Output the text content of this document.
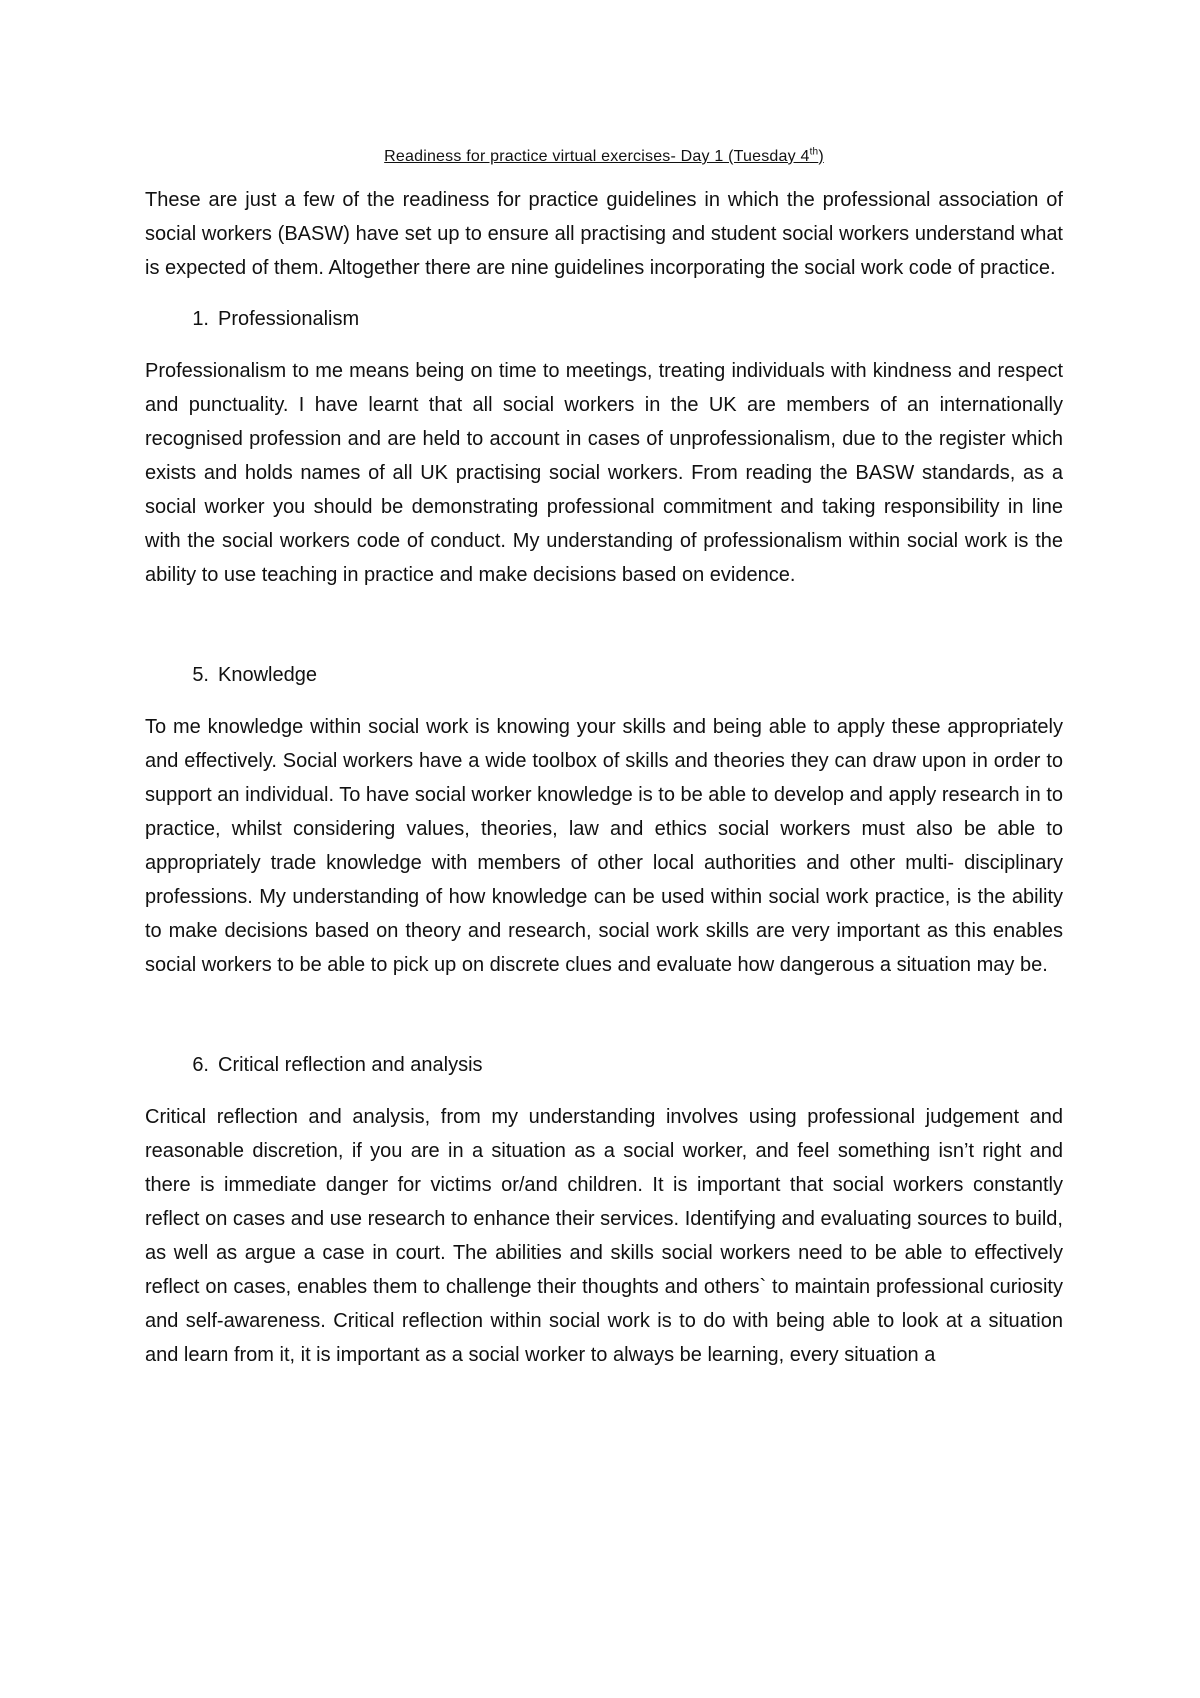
Readiness for practice virtual exercises- Day 1 (Tuesday 4th)

These are just a few of the readiness for practice guidelines in which the professional association of social workers (BASW) have set up to ensure all practising and student social workers understand what is expected of them. Altogether there are nine guidelines incorporating the social work code of practice.

1. Professionalism

Professionalism to me means being on time to meetings, treating individuals with kindness and respect and punctuality. I have learnt that all social workers in the UK are members of an internationally recognised profession and are held to account in cases of unprofessionalism, due to the register which exists and holds names of all UK practising social workers. From reading the BASW standards, as a social worker you should be demonstrating professional commitment and taking responsibility in line with the social workers code of conduct. My understanding of professionalism within social work is the ability to use teaching in practice and make decisions based on evidence.

5. Knowledge

To me knowledge within social work is knowing your skills and being able to apply these appropriately and effectively. Social workers have a wide toolbox of skills and theories they can draw upon in order to support an individual. To have social worker knowledge is to be able to develop and apply research in to practice, whilst considering values, theories, law and ethics social workers must also be able to appropriately trade knowledge with members of other local authorities and other multi- disciplinary professions. My understanding of how knowledge can be used within social work practice, is the ability to make decisions based on theory and research, social work skills are very important as this enables social workers to be able to pick up on discrete clues and evaluate how dangerous a situation may be.

6. Critical reflection and analysis

Critical reflection and analysis, from my understanding involves using professional judgement and reasonable discretion, if you are in a situation as a social worker, and feel something isn’t right and there is immediate danger for victims or/and children. It is important that social workers constantly reflect on cases and use research to enhance their services. Identifying and evaluating sources to build, as well as argue a case in court. The abilities and skills social workers need to be able to effectively reflect on cases, enables them to challenge their thoughts and others` to maintain professional curiosity and self-awareness. Critical reflection within social work is to do with being able to look at a situation and learn from it, it is important as a social worker to always be learning, every situation a
